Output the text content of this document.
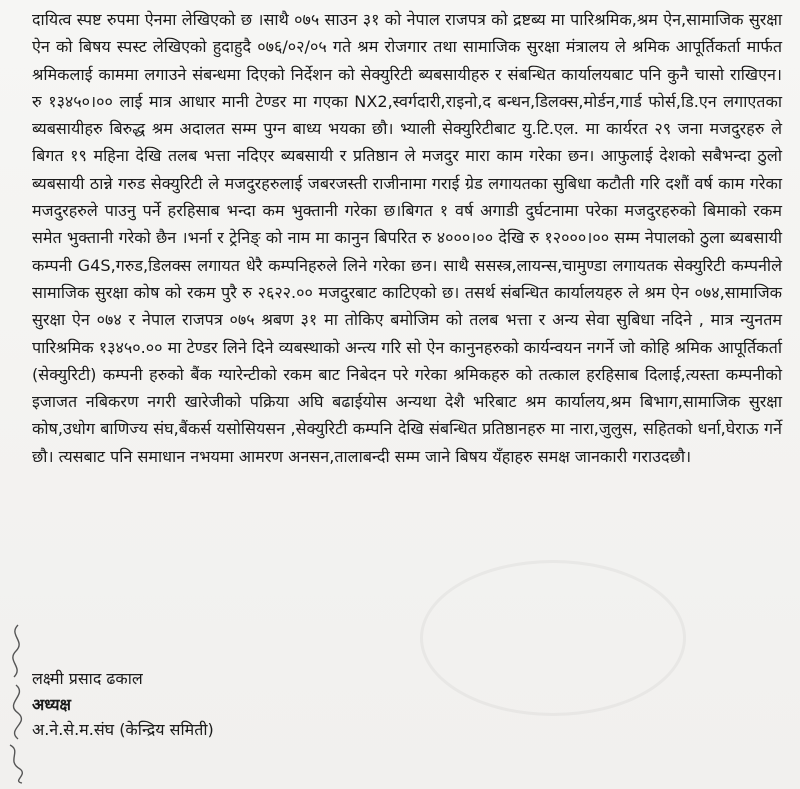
दायित्व स्पष्ट रुपमा ऐनमा लेखिएको छ ।साथै ०७५ साउन ३१ को नेपाल राजपत्र को द्रष्टब्य मा पारिश्रमिक,श्रम ऐन,सामाजिक सुरक्षा ऐन को बिषय स्पस्ट लेखिएको हुदाहुदै ०७६/०२/०५ गते श्रम रोजगार तथा सामाजिक सुरक्षा मंत्रालय ले श्रमिक आपूर्तिकर्ता मार्फत श्रमिकलाई काममा लगाउने संबन्धमा दिएको निर्देशन को सेक्युरिटी ब्यबसायीहरु र संबन्धित कार्यालयबाट पनि कुनै चासो राखिएन। रु १३४५०।०० लाई मात्र आधार मानी टेण्डर मा गएका NX2,स्वर्गदारी,राइनो,द बन्धन,डिलक्स,मोर्डन,गार्ड फोर्स,डि.एन लगाएतका ब्यबसायीहरु बिरुद्ध श्रम अदालत सम्म पुग्न बाध्य भयका छौ। भ्याली सेक्युरिटीबाट यु.टि.एल. मा कार्यरत २९ जना मजदुरहरु ले बिगत १९ महिना देखि तलब भत्ता नदिएर ब्यबसायी र प्रतिष्ठान ले मजदुर मारा काम गरेका छन। आफुलाई देशको सबैभन्दा ठुलो ब्यबसायी ठान्ने गरुड सेक्युरिटी ले मजदुरहरुलाई जबरजस्ती राजीनामा गराई ग्रेड लगायतका सुबिधा कटौती गरि दशौं वर्ष काम गरेका मजदुरहरुले पाउनु पर्ने हरहिसाब भन्दा कम भुक्तानी गरेका छ।बिगत १ वर्ष अगाडी दुर्घटनामा परेका मजदुरहरुको बिमाको रकम समेत भुक्तानी गरेको छैन ।भर्ना र ट्रेनिङ् को नाम मा कानुन बिपरित रु ४०००।०० देखि रु १२०००।०० सम्म नेपालको ठुला ब्यबसायी कम्पनी G4S,गरुड,डिलक्स लगायत धेरै कम्पनिहरुले लिने गरेका छन। साथै ससस्त्र,लायन्स,चामुण्डा लगायतक सेक्युरिटी कम्पनीले सामाजिक सुरक्षा कोष को रकम पुरै रु २६२२.०० मजदुरबाट काटिएको छ। तसर्थ संबन्धित कार्यालयहरु ले श्रम ऐन ०७४,सामाजिक सुरक्षा ऐन ०७४ र नेपाल राजपत्र ०७५ श्रबण ३१ मा तोकिए बमोजिम को तलब भत्ता र अन्य सेवा सुबिधा नदिने , मात्र न्युनतम पारिश्रमिक १३४५०.०० मा टेण्डर लिने दिने व्यबस्थाको अन्त्य गरि सो ऐन कानुनहरुको कार्यन्वयन नगर्ने जो कोहि श्रमिक आपूर्तिकर्ता (सेक्युरिटी) कम्पनी हरुको बैंक ग्यारेन्टीको रकम बाट निबेदन परे गरेका श्रमिकहरु को तत्काल हरहिसाब दिलाई,त्यस्ता कम्पनीको इजाजत नबिकरण नगरी खारेजीको पक्रिया अघि बढाईयोस अन्यथा देशै भरिबाट श्रम कार्यालय,श्रम बिभाग,सामाजिक सुरक्षा कोष,उधोग बाणिज्य संघ,बैंकर्स यसोसियसन ,सेक्युरिटी कम्पनि देखि संबन्धित प्रतिष्ठानहरु मा नारा,जुलुस, सहितको धर्ना,घेराऊ गर्ने छौ। त्यसबाट पनि समाधान नभयमा आमरण अनसन,तालाबन्दी सम्म जाने बिषय यँहाहरु समक्ष जानकारी गराउदछौ।

लक्ष्मी प्रसाद ढकाल
अध्यक्ष
अ.ने.से.म.संघ (केन्द्रिय समिती)
